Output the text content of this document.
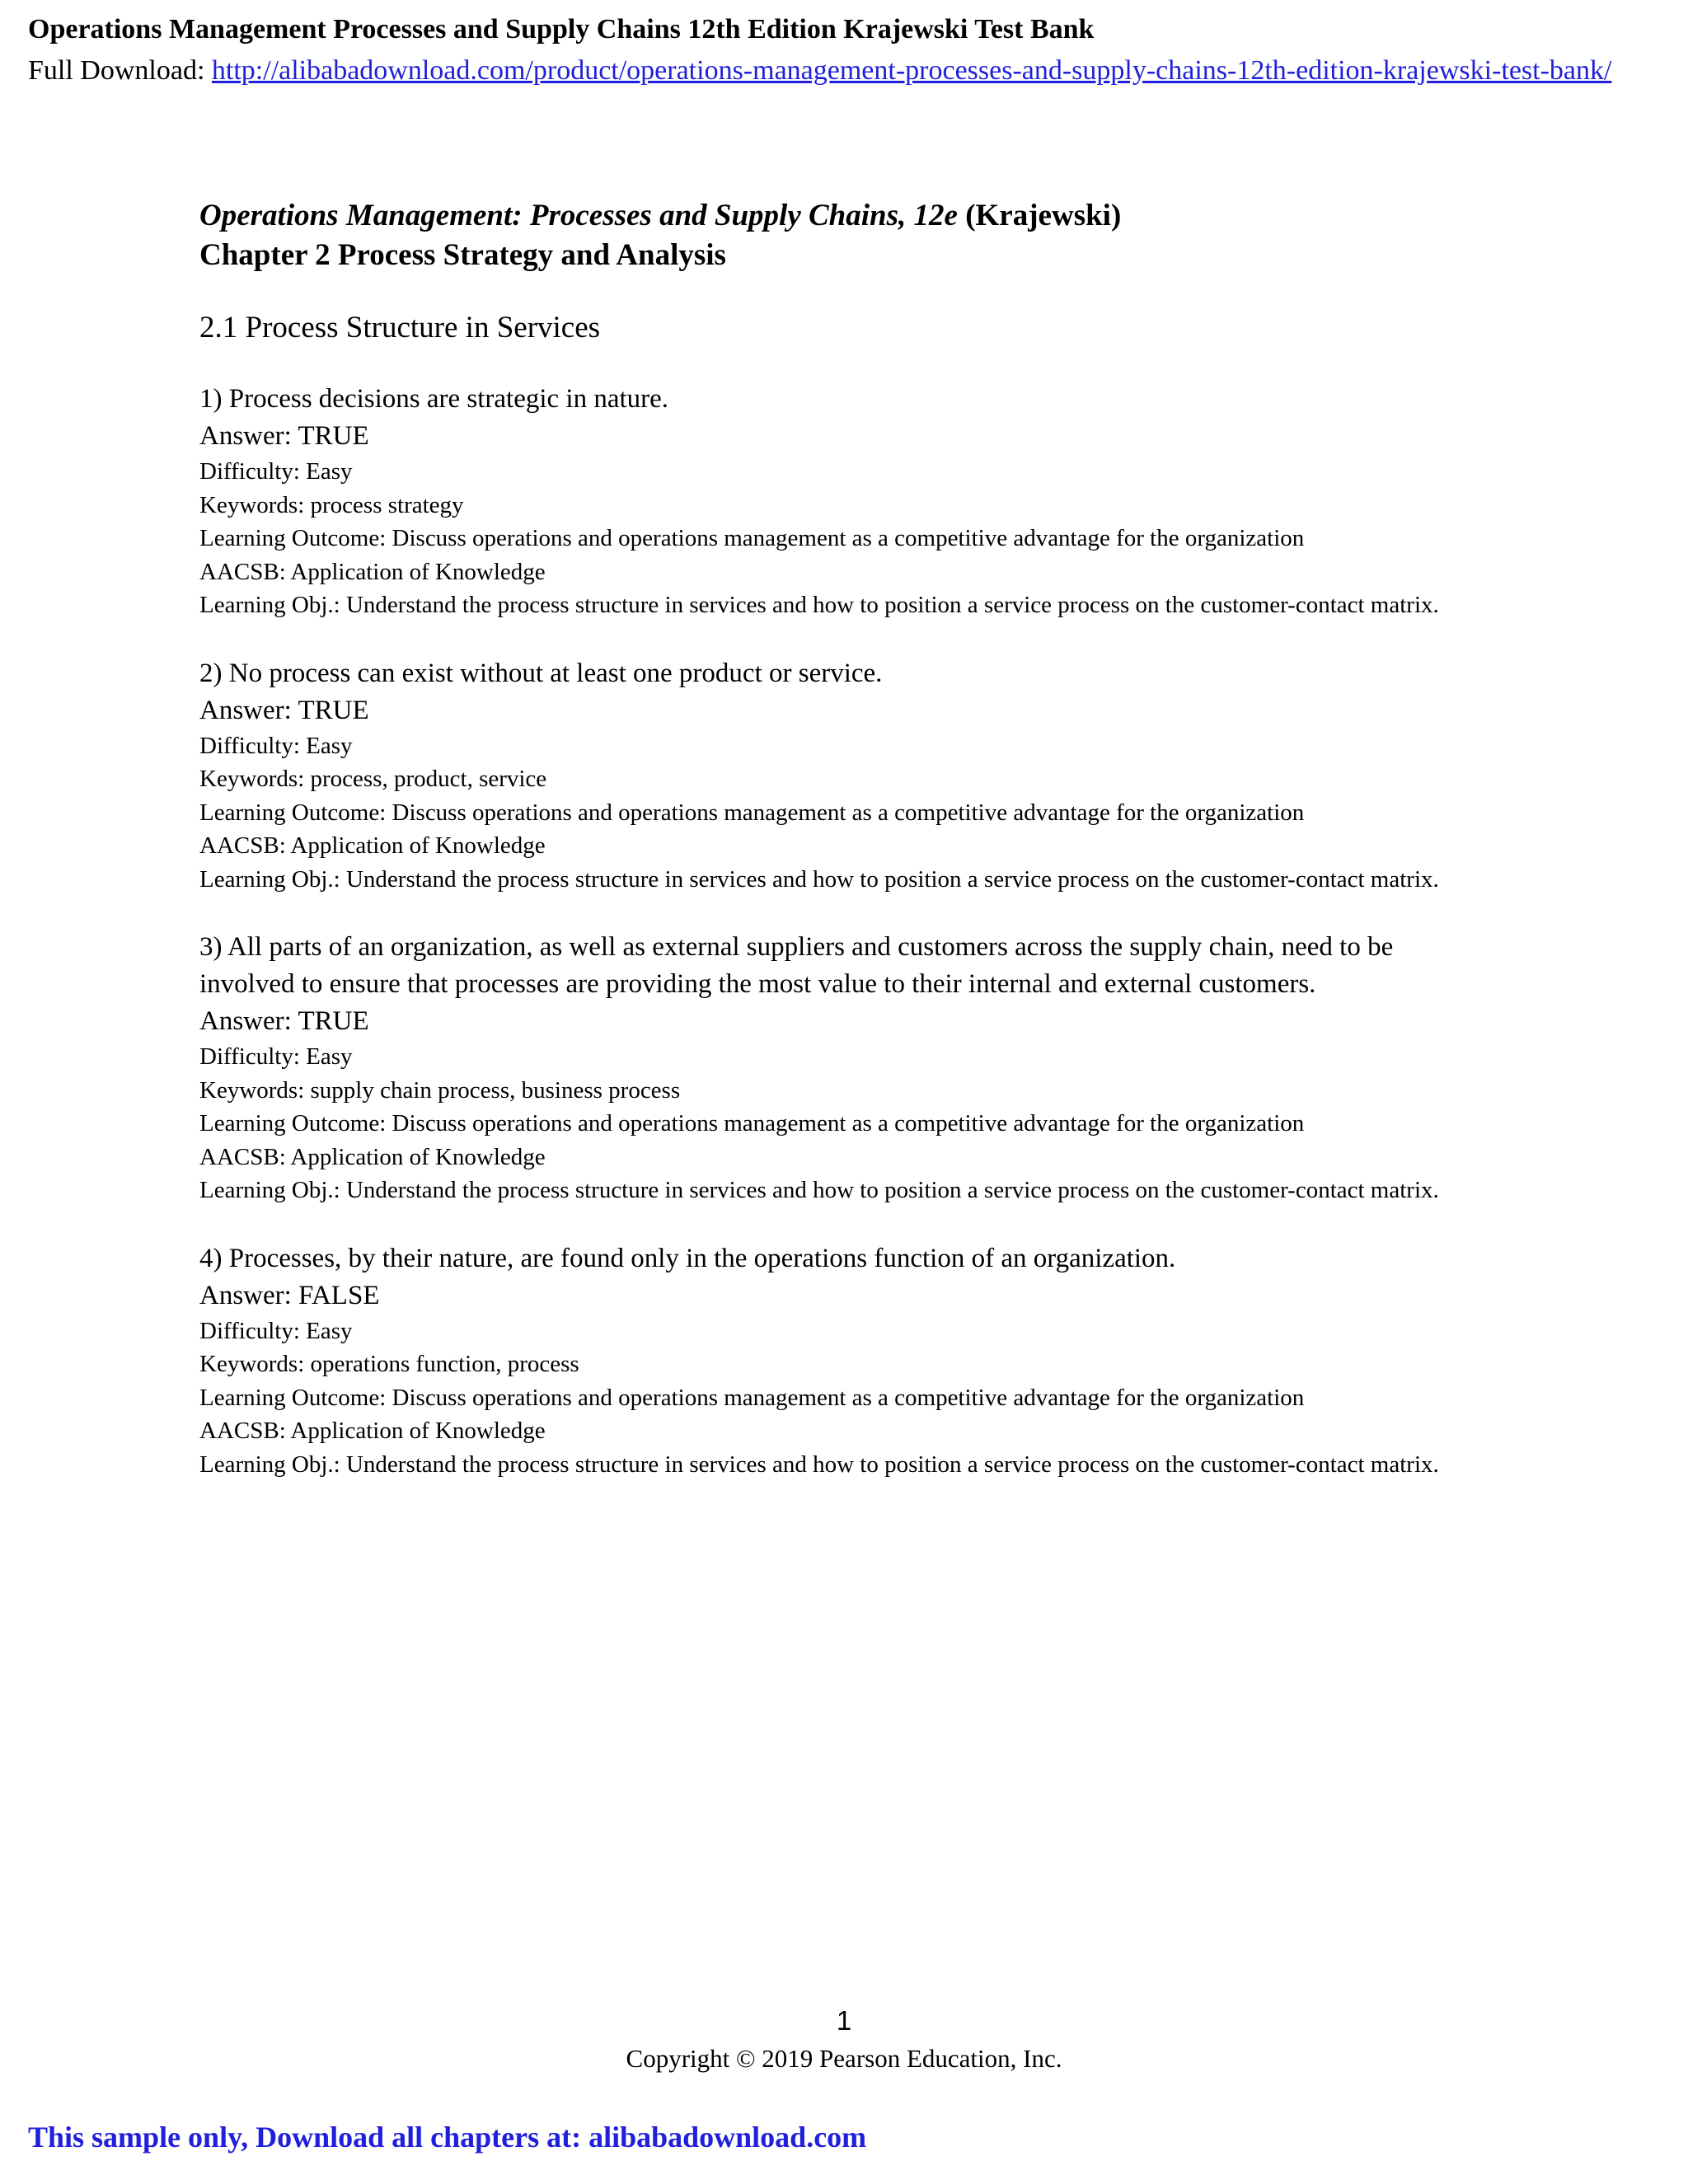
Operations Management Processes and Supply Chains 12th Edition Krajewski Test Bank
Full Download: http://alibabadownload.com/product/operations-management-processes-and-supply-chains-12th-edition-krajewski-test-bank/
Operations Management: Processes and Supply Chains, 12e (Krajewski)
Chapter 2 Process Strategy and Analysis
2.1 Process Structure in Services
1) Process decisions are strategic in nature.
Answer: TRUE
Difficulty: Easy
Keywords: process strategy
Learning Outcome: Discuss operations and operations management as a competitive advantage for the organization
AACSB: Application of Knowledge
Learning Obj.: Understand the process structure in services and how to position a service process on the customer-contact matrix.
2) No process can exist without at least one product or service.
Answer: TRUE
Difficulty: Easy
Keywords: process, product, service
Learning Outcome: Discuss operations and operations management as a competitive advantage for the organization
AACSB: Application of Knowledge
Learning Obj.: Understand the process structure in services and how to position a service process on the customer-contact matrix.
3) All parts of an organization, as well as external suppliers and customers across the supply chain, need to be involved to ensure that processes are providing the most value to their internal and external customers.
Answer: TRUE
Difficulty: Easy
Keywords: supply chain process, business process
Learning Outcome: Discuss operations and operations management as a competitive advantage for the organization
AACSB: Application of Knowledge
Learning Obj.: Understand the process structure in services and how to position a service process on the customer-contact matrix.
4) Processes, by their nature, are found only in the operations function of an organization.
Answer: FALSE
Difficulty: Easy
Keywords: operations function, process
Learning Outcome: Discuss operations and operations management as a competitive advantage for the organization
AACSB: Application of Knowledge
Learning Obj.: Understand the process structure in services and how to position a service process on the customer-contact matrix.
1
Copyright © 2019 Pearson Education, Inc.
This sample only, Download all chapters at: alibabadownload.com
